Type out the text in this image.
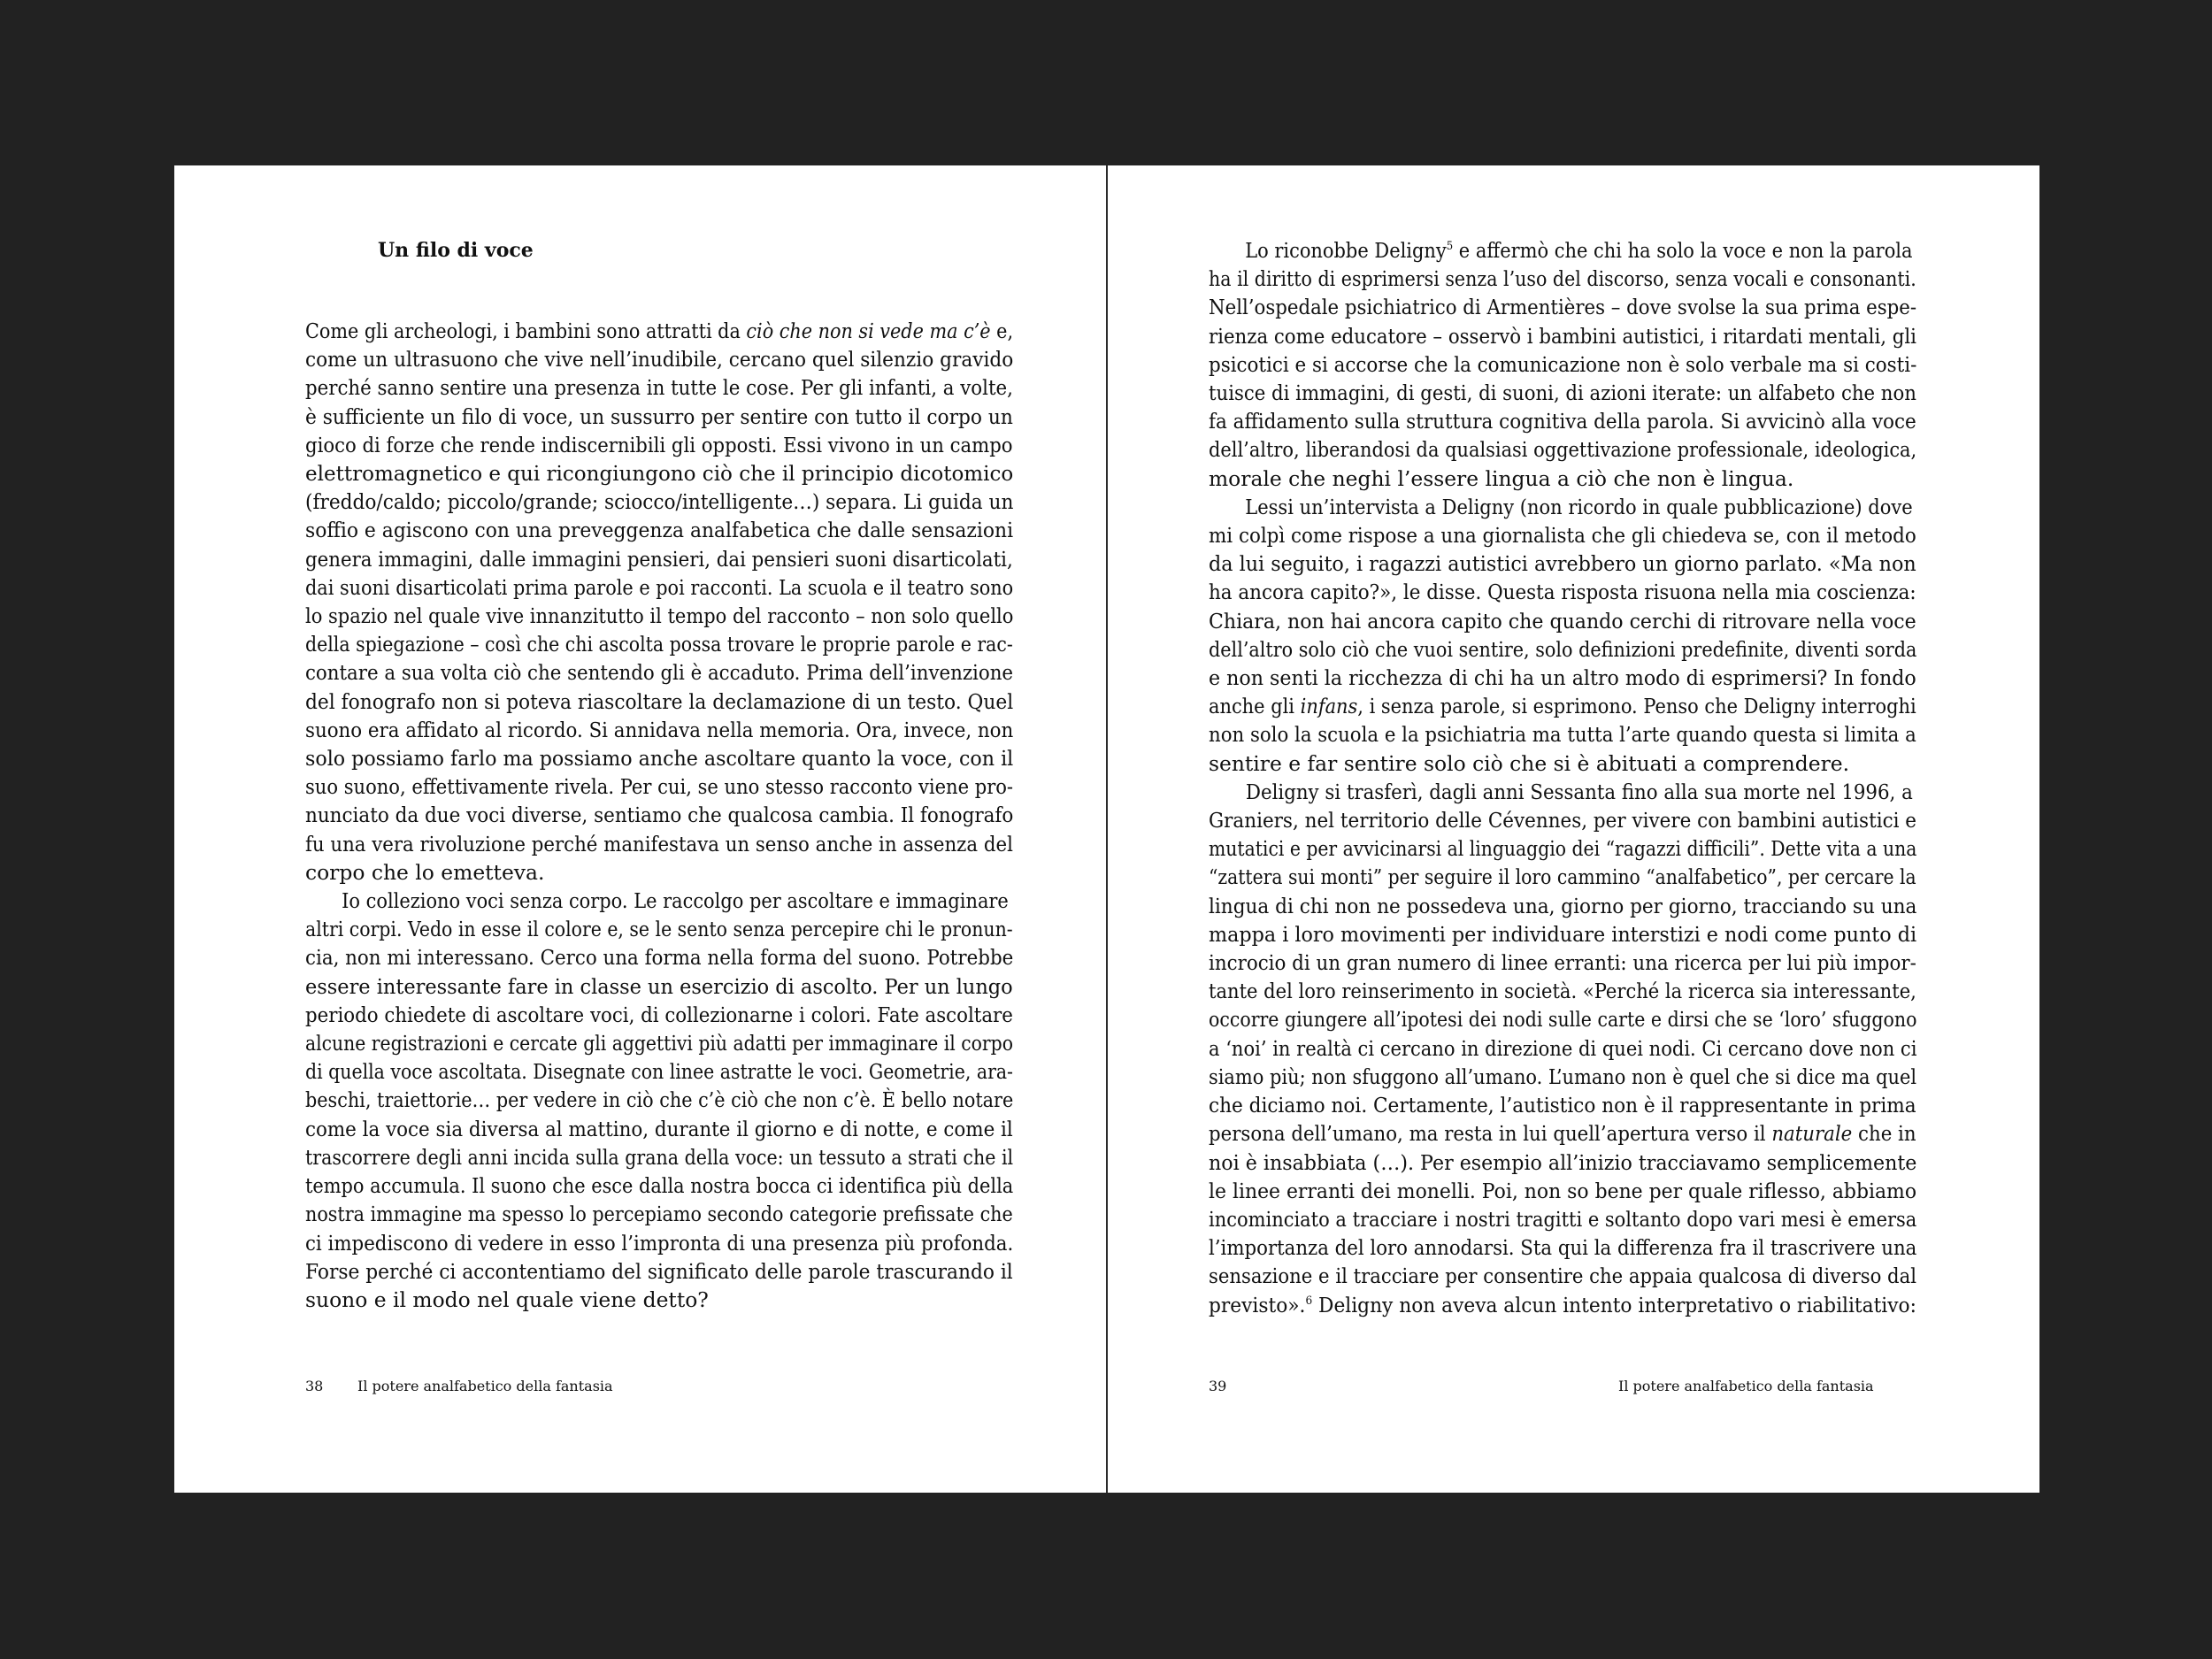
Un filo di voce

Come gli archeologi, i bambini sono attratti da ciò che non si vede ma c’è e,
come un ultrasuono che vive nell’inudibile, cercano quel silenzio gravido
perché sanno sentire una presenza in tutte le cose. Per gli infanti, a volte,
è sufficiente un filo di voce, un sussurro per sentire con tutto il corpo un
gioco di forze che rende indiscernibili gli opposti. Essi vivono in un campo
elettromagnetico e qui ricongiungono ciò che il principio dicotomico
(freddo/caldo; piccolo/grande; sciocco/intelligente…) separa. Li guida un
soffio e agiscono con una preveggenza analfabetica che dalle sensazioni
genera immagini, dalle immagini pensieri, dai pensieri suoni disarticolati,
dai suoni disarticolati prima parole e poi racconti. La scuola e il teatro sono
lo spazio nel quale vive innanzitutto il tempo del racconto – non solo quello
della spiegazione – così che chi ascolta possa trovare le proprie parole e rac-
contare a sua volta ciò che sentendo gli è accaduto. Prima dell’invenzione
del fonografo non si poteva riascoltare la declamazione di un testo. Quel
suono era affidato al ricordo. Si annidava nella memoria. Ora, invece, non
solo possiamo farlo ma possiamo anche ascoltare quanto la voce, con il
suo suono, effettivamente rivela. Per cui, se uno stesso racconto viene pro-
nunciato da due voci diverse, sentiamo che qualcosa cambia. Il fonografo
fu una vera rivoluzione perché manifestava un senso anche in assenza del
corpo che lo emetteva.

Io colleziono voci senza corpo. Le raccolgo per ascoltare e immaginare
altri corpi. Vedo in esse il colore e, se le sento senza percepire chi le pronun-
cia, non mi interessano. Cerco una forma nella forma del suono. Potrebbe
essere interessante fare in classe un esercizio di ascolto. Per un lungo
periodo chiedete di ascoltare voci, di collezionarne i colori. Fate ascoltare
alcune registrazioni e cercate gli aggettivi più adatti per immaginare il corpo
di quella voce ascoltata. Disegnate con linee astratte le voci. Geometrie, ara-
beschi, traiettorie… per vedere in ciò che c’è ciò che non c’è. È bello notare
come la voce sia diversa al mattino, durante il giorno e di notte, e come il
trascorrere degli anni incida sulla grana della voce: un tessuto a strati che il
tempo accumula. Il suono che esce dalla nostra bocca ci identifica più della
nostra immagine ma spesso lo percepiamo secondo categorie prefissate che
ci impediscono di vedere in esso l’impronta di una presenza più profonda.
Forse perché ci accontentiamo del significato delle parole trascurando il
suono e il modo nel quale viene detto?

Lo riconobbe Deligny$^5$ e affermò che chi ha solo la voce e non la parola
ha il diritto di esprimersi senza l’uso del discorso, senza vocali e consonanti.
Nell’ospedale psichiatrico di Armentières – dove svolse la sua prima espe-
rienza come educatore – osservò i bambini autistici, i ritardati mentali, gli
psicotici e si accorse che la comunicazione non è solo verbale ma si costi-
tuisce di immagini, di gesti, di suoni, di azioni iterate: un alfabeto che non
fa affidamento sulla struttura cognitiva della parola. Si avvicinò alla voce
dell’altro, liberandosi da qualsiasi oggettivazione professionale, ideologica,
morale che neghi l’essere lingua a ciò che non è lingua.

Lessi un’intervista a Deligny (non ricordo in quale pubblicazione) dove
mi colpì come rispose a una giornalista che gli chiedeva se, con il metodo
da lui seguito, i ragazzi autistici avrebbero un giorno parlato. «Ma non
ha ancora capito?», le disse. Questa risposta risuona nella mia coscienza:
Chiara, non hai ancora capito che quando cerchi di ritrovare nella voce
dell’altro solo ciò che vuoi sentire, solo definizioni predefinite, diventi sorda
e non senti la ricchezza di chi ha un altro modo di esprimersi? In fondo
anche gli infans, i senza parole, si esprimono. Penso che Deligny interroghi
non solo la scuola e la psichiatria ma tutta l’arte quando questa si limita a
sentire e far sentire solo ciò che si è abituati a comprendere.

Deligny si trasferì, dagli anni Sessanta fino alla sua morte nel 1996, a
Graniers, nel territorio delle Cévennes, per vivere con bambini autistici e
mutatici e per avvicinarsi al linguaggio dei “ragazzi difficili”. Dette vita a una
“zattera sui monti” per seguire il loro cammino “analfabetico”, per cercare la
lingua di chi non ne possedeva una, giorno per giorno, tracciando su una
mappa i loro movimenti per individuare interstizi e nodi come punto di
incrocio di un gran numero di linee erranti: una ricerca per lui più impor-
tante del loro reinserimento in società. «Perché la ricerca sia interessante,
occorre giungere all’ipotesi dei nodi sulle carte e dirsi che se ‘loro’ sfuggono
a ‘noi’ in realtà ci cercano in direzione di quei nodi. Ci cercano dove non ci
siamo più; non sfuggono all’umano. L’umano non è quel che si dice ma quel
che diciamo noi. Certamente, l’autistico non è il rappresentante in prima
persona dell’umano, ma resta in lui quell’apertura verso il naturale che in
noi è insabbiata (…). Per esempio all’inizio tracciavamo semplicemente
le linee erranti dei monelli. Poi, non so bene per quale riflesso, abbiamo
incominciato a tracciare i nostri tragitti e soltanto dopo vari mesi è emersa
l’importanza del loro annodarsi. Sta qui la differenza fra il trascrivere una
sensazione e il tracciare per consentire che appaia qualcosa di diverso dal
previsto».$^6$ Deligny non aveva alcun intento interpretativo o riabilitativo:

38 Il potere analfabetico della fantasia	39	Il potere analfabetico della fantasia
